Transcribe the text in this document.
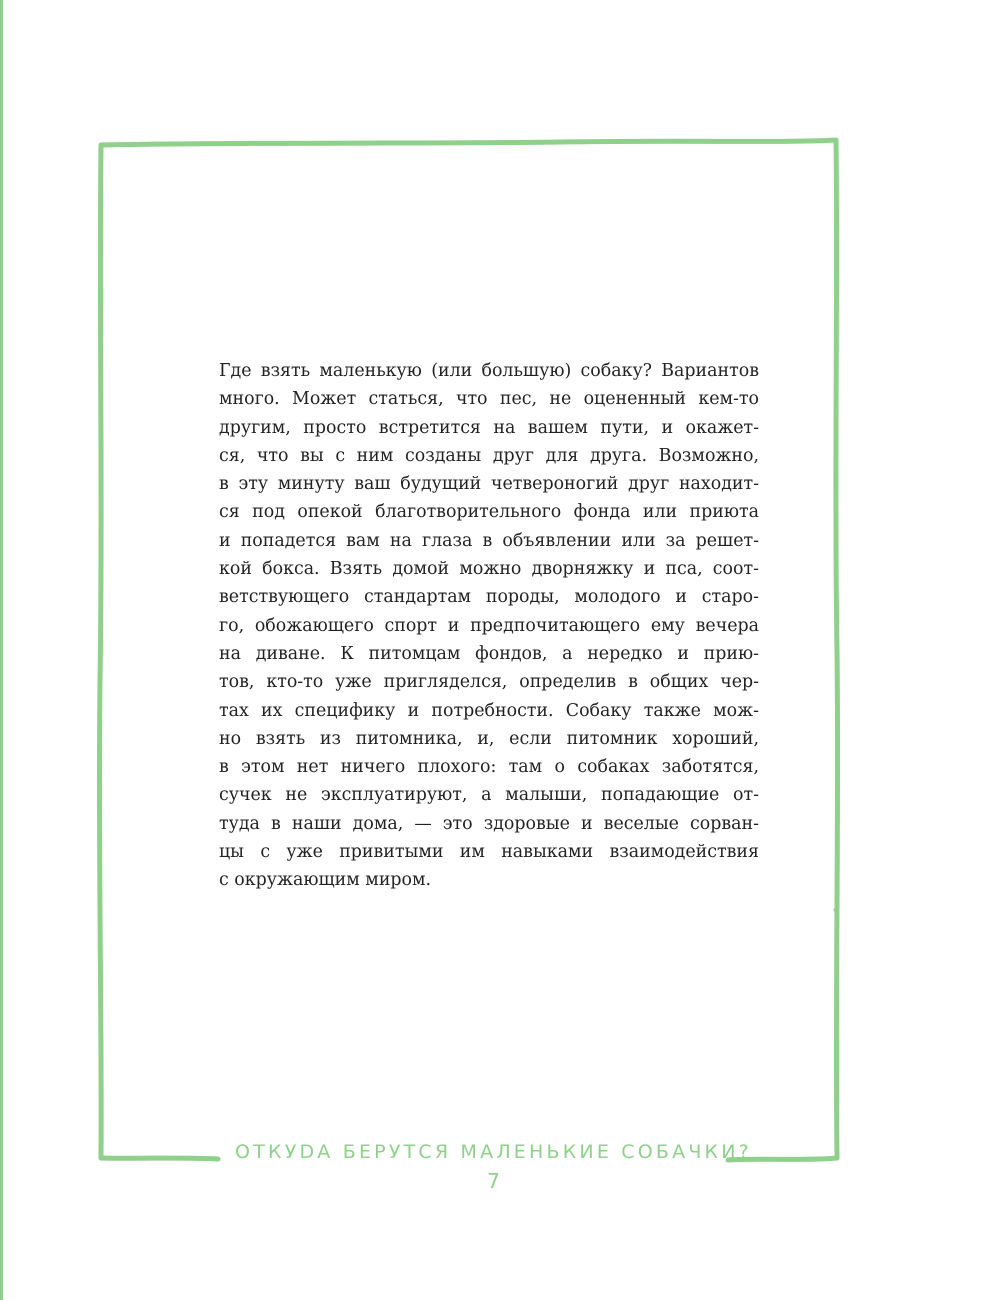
Где взять маленькую (или большую) собаку? Вариантов
много. Может статься, что пес, не оцененный кем-то
другим, просто встретится на вашем пути, и окажет-
ся, что вы с ним созданы друг для друга. Возможно,
в эту минуту ваш будущий четвероногий друг находит-
ся под опекой благотворительного фонда или приюта
и попадется вам на глаза в объявлении или за решет-
кой бокса. Взять домой можно дворняжку и пса, соот-
ветствующего стандартам породы, молодого и старо-
го, обожающего спорт и предпочитающего ему вечера
на диване. К питомцам фондов, а нередко и прию-
тов, кто-то уже пригляделся, определив в общих чер-
тах их специфику и потребности. Собаку также мож-
но взять из питомника, и, если питомник хороший,
в этом нет ничего плохого: там о собаках заботятся,
сучек не эксплуатируют, а малыши, попадающие от-
туда в наши дома, — это здоровые и веселые сорван-
цы с уже привитыми им навыками взаимодействия
с окружающим миром.
ОТКУDА БЕРУТСЯ МАЛЕНЬКИЕ СОБАЧКИ?
7
